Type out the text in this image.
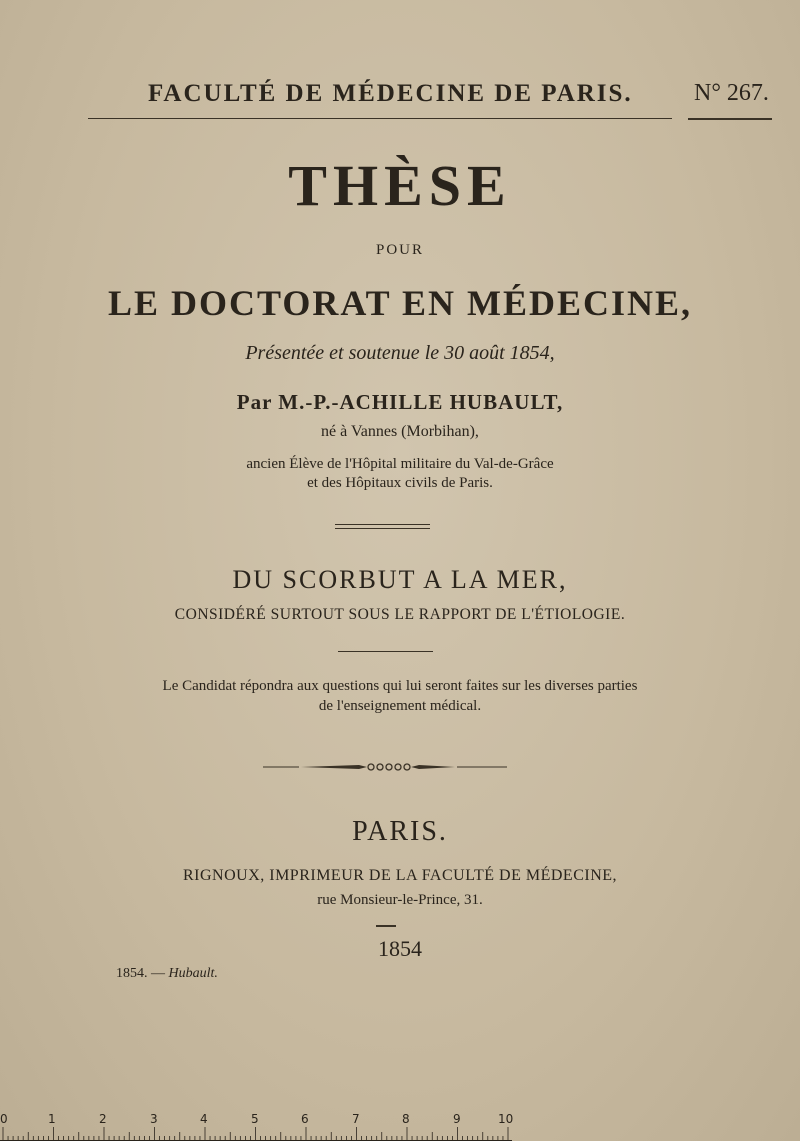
FACULTÉ DE MÉDECINE DE PARIS.	N° 267.
THÈSE
POUR
LE DOCTORAT EN MÉDECINE,
Présentée et soutenue le 30 août 1854,
Par M.-P.-ACHILLE HUBAULT,
né à Vannes (Morbihan),
ancien Élève de l'Hôpital militaire du Val-de-Grâce
et des Hôpitaux civils de Paris.
DU SCORBUT A LA MER,
CONSIDÉRÉ SURTOUT SOUS LE RAPPORT DE L'ÉTIOLOGIE.
Le Candidat répondra aux questions qui lui seront faites sur les diverses parties
de l'enseignement médical.
PARIS.
RIGNOUX, IMPRIMEUR DE LA FACULTÉ DE MÉDECINE,
rue Monsieur-le-Prince, 31.
1854
1854. — Hubault.
0	1	2	3	4	5	6	7	8	9	10
